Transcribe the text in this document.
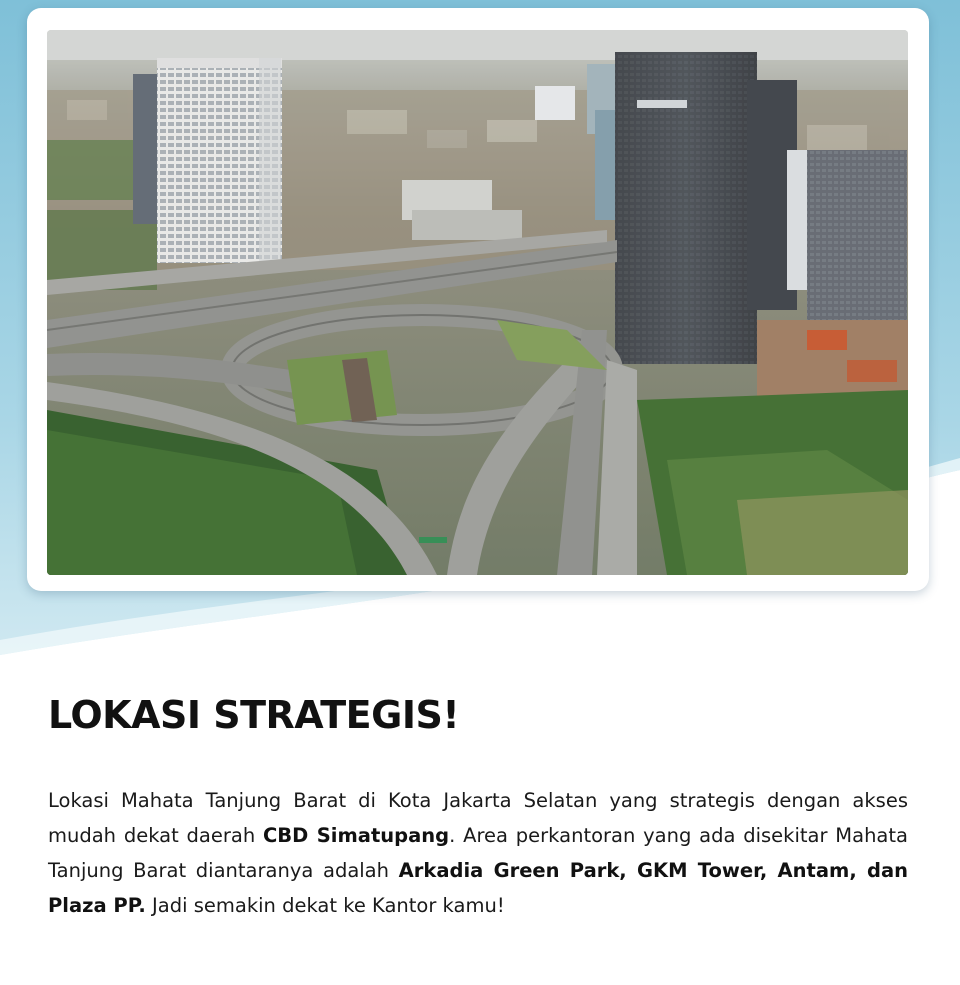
LOKASI STRATEGIS!

Lokasi Mahata Tanjung Barat di Kota Jakarta Selatan yang strategis dengan akses mudah dekat daerah CBD Simatupang. Area perkantoran yang ada disekitar Mahata Tanjung Barat diantaranya adalah Arkadia Green Park, GKM Tower, Antam, dan Plaza PP. Jadi semakin dekat ke Kantor kamu!
